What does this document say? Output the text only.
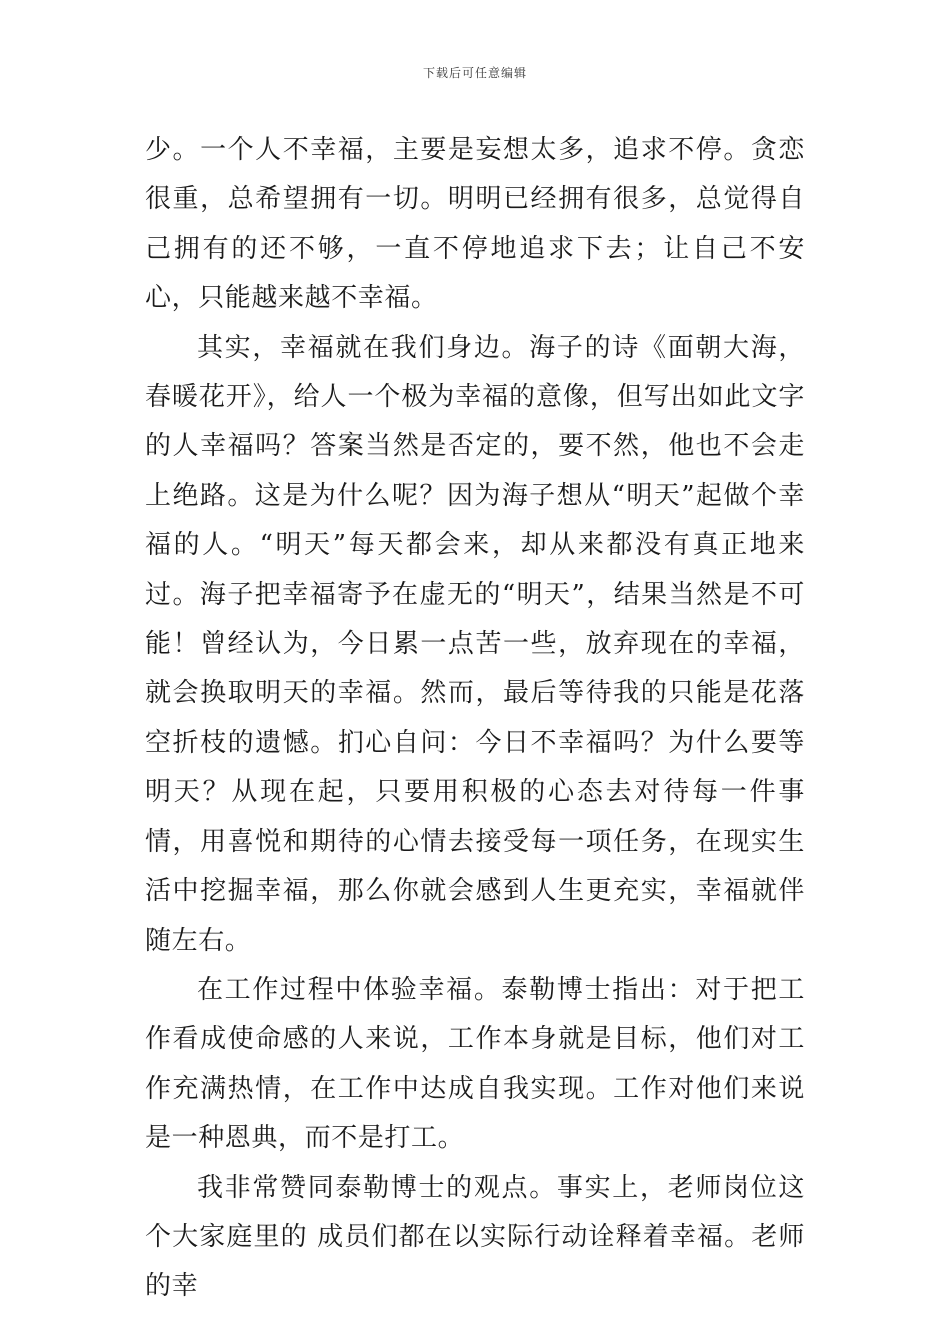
下载后可任意编辑

少。一个人不幸福，主要是妄想太多，追求不停。贪恋很重，总希望拥有一切。明明已经拥有很多，总觉得自己拥有的还不够，一直不停地追求下去；让自己不安心，只能越来越不幸福。

其实，幸福就在我们身边。海子的诗《面朝大海，春暖花开》，给人一个极为幸福的意像，但写出如此文字的人幸福吗？答案当然是否定的，要不然，他也不会走上绝路。这是为什么呢？因为海子想从“明天”起做个幸福的人。“明天”每天都会来，却从来都没有真正地来过。海子把幸福寄予在虚无的“明天”，结果当然是不可能！曾经认为，今日累一点苦一些，放弃现在的幸福，就会换取明天的幸福。然而，最后等待我的只能是花落空折枝的遗憾。扪心自问：今日不幸福吗？为什么要等明天？从现在起，只要用积极的心态去对待每一件事情，用喜悦和期待的心情去接受每一项任务，在现实生活中挖掘幸福，那么你就会感到人生更充实，幸福就伴随左右。

在工作过程中体验幸福。泰勒博士指出：对于把工作看成使命感的人来说，工作本身就是目标，他们对工作充满热情，在工作中达成自我实现。工作对他们来说是一种恩典，而不是打工。

我非常赞同泰勒博士的观点。事实上，老师岗位这个大家庭里的 成员们都在以实际行动诠释着幸福。老师的幸
